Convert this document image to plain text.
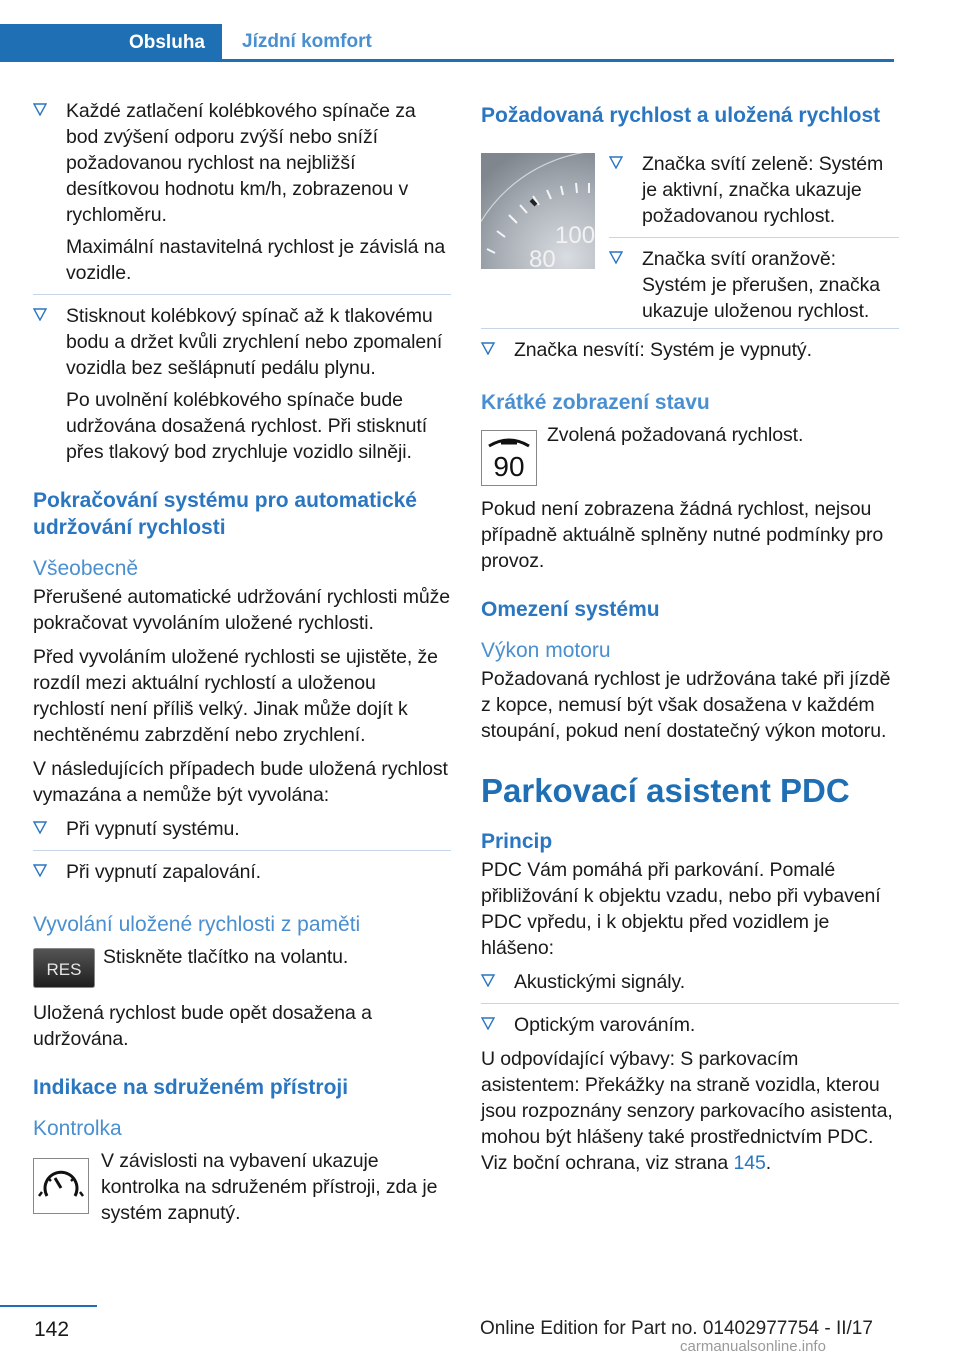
Obsluha	Jízdní komfort
Každé zatlačení kolébkového spínače za bod zvýšení odporu zvýší nebo sníží požadovanou rychlost na nejbližší desítkovou hodnotu km/h, zobrazenou v rychloměru.
Maximální nastavitelná rychlost je závislá na vozidle.
Stisknout kolébkový spínač až k tlakovému bodu a držet kvůli zrychlení nebo zpomalení vozidla bez sešlápnutí pedálu plynu.
Po uvolnění kolébkového spínače bude udržována dosažená rychlost. Při stisknutí přes tlakový bod zrychluje vozidlo silněji.
Pokračování systému pro automatické udržování rychlosti
Všeobecně

Přerušené automatické udržování rychlosti může pokračovat vyvoláním uložené rychlosti.

Před vyvoláním uložené rychlosti se ujistěte, že rozdíl mezi aktuální rychlostí a uloženou rychlostí není příliš velký. Jinak může dojít k nechtěnému zabrzdění nebo zrychlení.

V následujících případech bude uložená rychlost vymazána a nemůže být vyvolána:

Při vypnutí systému.
Při vypnutí zapalování.
Vyvolání uložené rychlosti z paměti
RES
Stiskněte tlačítko na volantu.

Uložená rychlost bude opět dosažena a udržována.

Indikace na sdruženém přístroji
Kontrolka
V závislosti na vybavení ukazuje kontrolka na sdruženém přístroji, zda je systém zapnutý.
Požadovaná rychlost a uložená rychlost
100
80
Značka svítí zeleně: Systém je aktivní, značka ukazuje požadovanou rychlost.
Značka svítí oranžově: Systém je přerušen, značka ukazuje uloženou rychlost.
Značka nesvítí: Systém je vypnutý.
Krátké zobrazení stavu
90
Zvolená požadovaná rychlost.

Pokud není zobrazena žádná rychlost, nejsou případně aktuálně splněny nutné podmínky pro provoz.

Omezení systému
Výkon motoru

Požadovaná rychlost je udržována také při jízdě z kopce, nemusí být však dosažena v každém stoupání, pokud není dostatečný výkon motoru.

Parkovací asistent PDC
Princip

PDC Vám pomáhá při parkování. Pomalé přibližování k objektu vzadu, nebo při vybavení PDC vpředu, i k objektu před vozidlem je hlášeno:

Akustickými signály.
Optickým varováním.

U odpovídající výbavy: S parkovacím asistentem: Překážky na straně vozidla, kterou jsou rozpoznány senzory parkovacího asistenta, mohou být hlášeny také prostřednictvím PDC. Viz boční ochrana, viz strana 145.

142	Online Edition for Part no. 01402977754 - II/17
carmanualsonline.info
